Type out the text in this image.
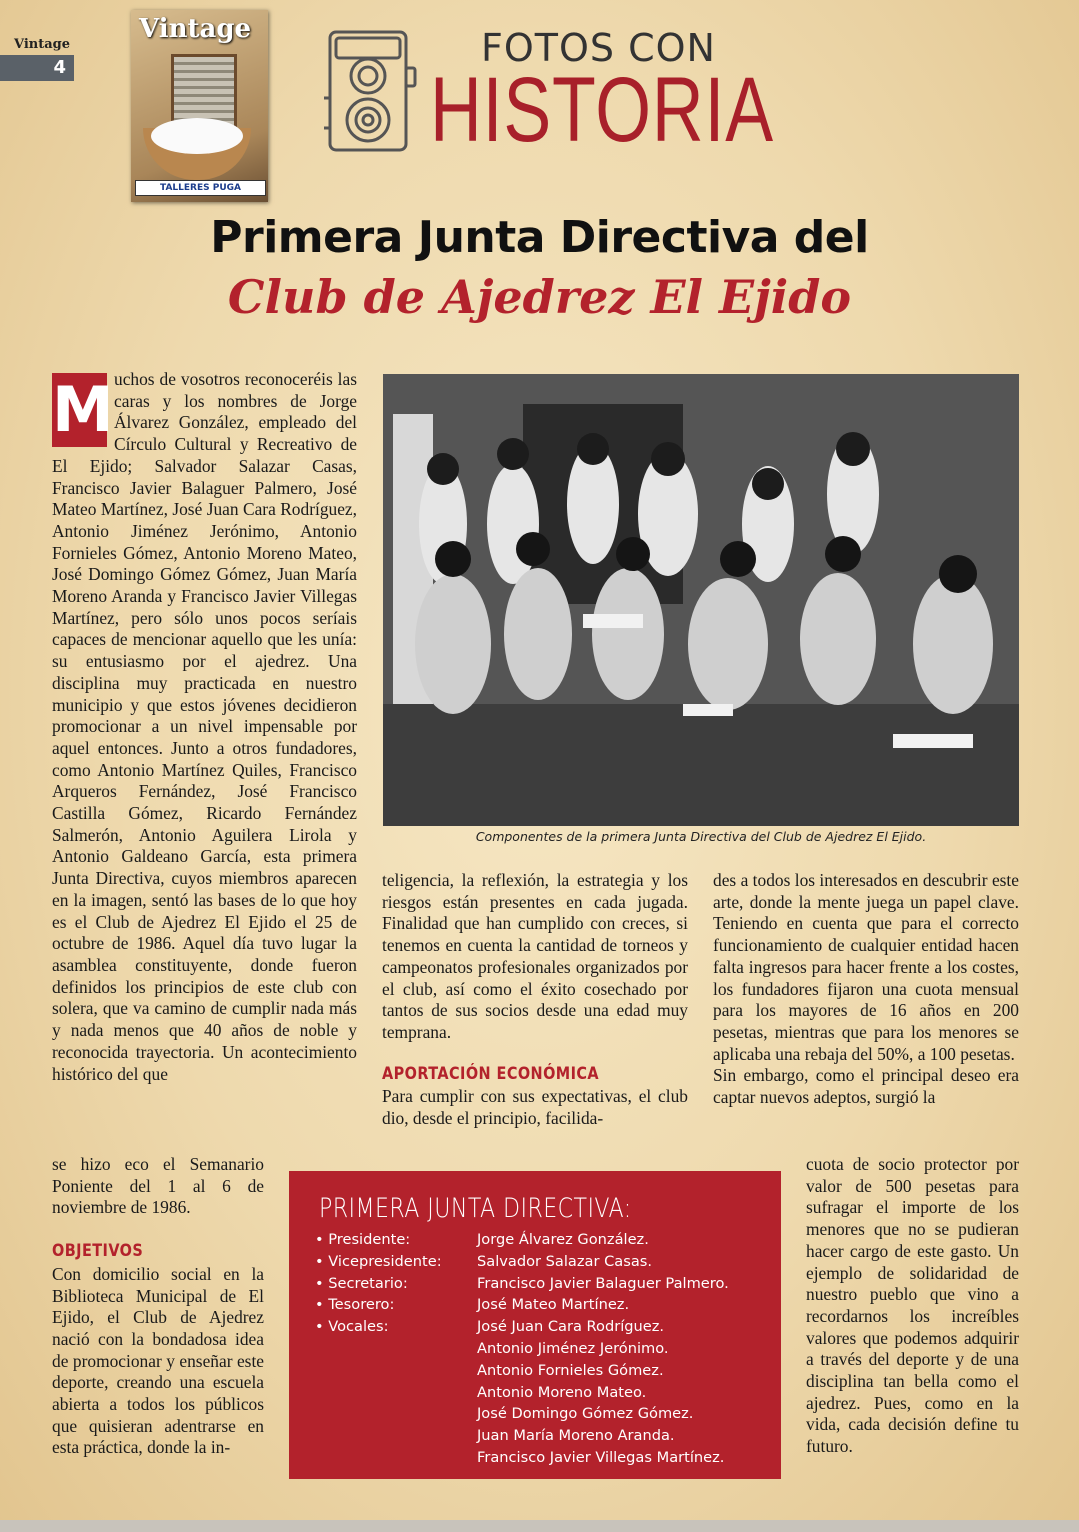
Vintage
4
Vintage
TALLERES PUGA
FOTOS CON
HISTORIA
Primera Junta Directiva del
Club de Ajedrez El Ejido
M uchos de vosotros reconoceréis las caras y los nombres de Jorge Álvarez González, empleado del Círculo Cultural y Recreativo de El Ejido; Salvador Salazar Casas, Francisco Javier Balaguer Palmero, José Mateo Martínez, José Juan Cara Rodríguez, Antonio Jiménez Jerónimo, Antonio Fornieles Gómez, Antonio Moreno Mateo, José Domingo Gómez Gómez, Juan María Moreno Aranda y Francisco Javier Villegas Martínez, pero sólo unos pocos seríais capaces de mencionar aquello que les unía: su entusiasmo por el ajedrez. Una disciplina muy practicada en nuestro municipio y que estos jóvenes decidieron promocionar a un nivel impensable por aquel entonces. Junto a otros fundadores, como Antonio Martínez Quiles, Francisco Arqueros Fernández, José Francisco Castilla Gómez, Ricardo Fernández Salmerón, Antonio Aguilera Lirola y Antonio Galdeano García, esta primera Junta Directiva, cuyos miembros aparecen en la imagen, sentó las bases de lo que hoy es el Club de Ajedrez El Ejido el 25 de octubre de 1986. Aquel día tuvo lugar la asamblea constituyente, donde fueron definidos los principios de este club con solera, que va camino de cumplir nada más y nada menos que 40 años de noble y reconocida trayectoria. Un acontecimiento histórico del que

se hizo eco el Semanario Poniente del 1 al 6 de noviembre de 1986.

OBJETIVOS

Con domicilio social en la Biblioteca Municipal de El Ejido, el Club de Ajedrez nació con la bondadosa idea de promocionar y enseñar este deporte, creando una escuela abierta a todos los públicos que quisieran adentrarse en esta práctica, donde la in-

Componentes de la primera Junta Directiva del Club de Ajedrez El Ejido.

teligencia, la reflexión, la estrategia y los riesgos están presentes en cada jugada. Finalidad que han cumplido con creces, si tenemos en cuenta la cantidad de torneos y campeonatos profesionales organizados por el club, así como el éxito cosechado por tantos de sus socios desde una edad muy temprana.

APORTACIÓN ECONÓMICA

Para cumplir con sus expectativas, el club dio, desde el principio, facilida-

des a todos los interesados en descubrir este arte, donde la mente juega un papel clave. Teniendo en cuenta que para el correcto funcionamiento de cualquier entidad hacen falta ingresos para hacer frente a los costes, los fundadores fijaron una cuota mensual para los mayores de 16 años en 200 pesetas, mientras que para los menores se aplicaba una rebaja del 50%, a 100 pesetas.

Sin embargo, como el principal deseo era captar nuevos adeptos, surgió la

cuota de socio protector por valor de 500 pesetas para sufragar el importe de los menores que no se pudieran hacer cargo de este gasto. Un ejemplo de solidaridad de nuestro pueblo que vino a recordarnos los increíbles valores que podemos adquirir a través del deporte y de una disciplina tan bella como el ajedrez. Pues, como en la vida, cada decisión define tu futuro.

PRIMERA JUNTA DIRECTIVA:
• Presidente:
• Vicepresidente:
• Secretario:
• Tesorero:
• Vocales:
Jorge Álvarez González.
Salvador Salazar Casas.
Francisco Javier Balaguer Palmero.
José Mateo Martínez.
José Juan Cara Rodríguez.
Antonio Jiménez Jerónimo.
Antonio Fornieles Gómez.
Antonio Moreno Mateo.
José Domingo Gómez Gómez.
Juan María Moreno Aranda.
Francisco Javier Villegas Martínez.
